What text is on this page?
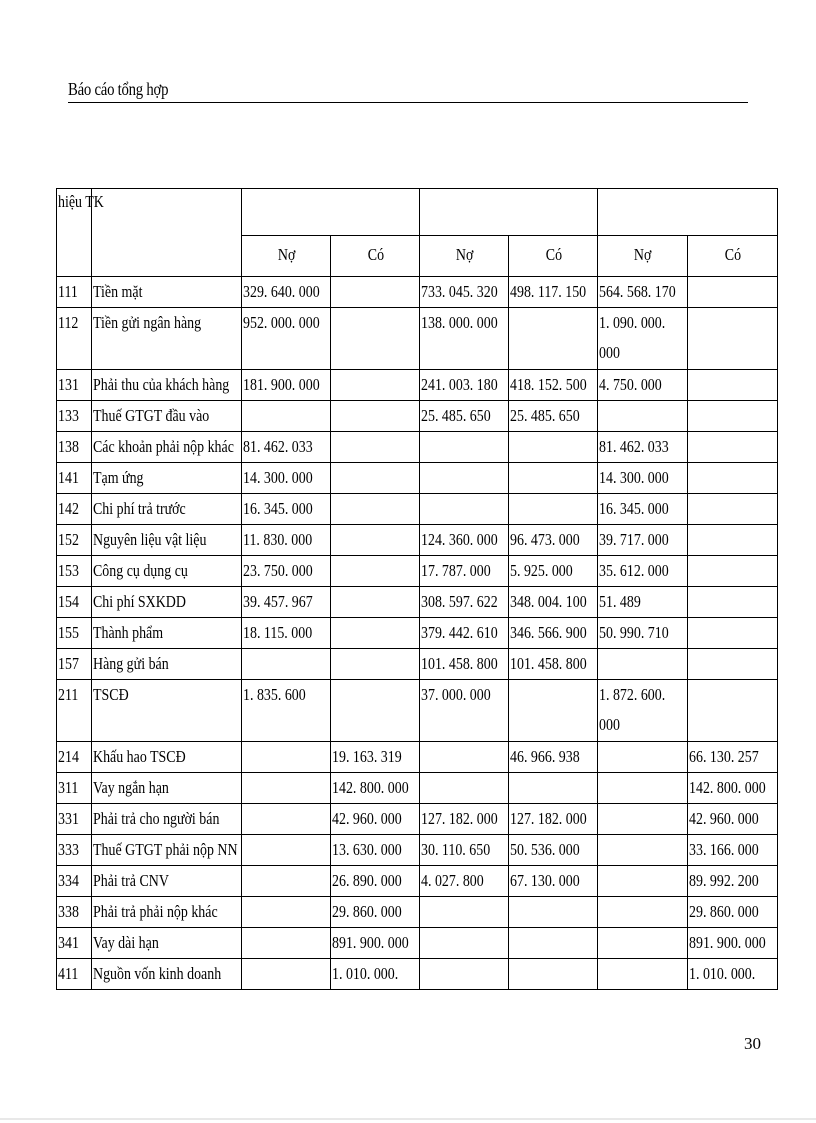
Báo cáo tổng hợp
hiệu TK							
		Nợ	Có	Nợ	Có	Nợ	Có
111	Tiền mặt	329. 640. 000		733. 045. 320	498. 117. 150	564. 568. 170	
112	Tiền gửi ngân hàng	952. 000. 000		138. 000. 000		1. 090. 000. 000	
131	Phải thu của khách hàng	181. 900. 000		241. 003. 180	418. 152. 500	4. 750. 000	
133	Thuế GTGT đầu vào			25. 485. 650	25. 485. 650		
138	Các khoản phải nộp khác	81. 462. 033				81. 462. 033	
141	Tạm ứng	14. 300. 000				14. 300. 000	
142	Chi phí trả trước	16. 345. 000				16. 345. 000	
152	Nguyên liệu vật liệu	11. 830. 000		124. 360. 000	96. 473. 000	39. 717. 000	
153	Công cụ dụng cụ	23. 750. 000		17. 787. 000	5. 925. 000	35. 612. 000	
154	Chi phí SXKDD	39. 457. 967		308. 597. 622	348. 004. 100	51. 489	
155	Thành phẩm	18. 115. 000		379. 442. 610	346. 566. 900	50. 990. 710	
157	Hàng gửi bán			101. 458. 800	101. 458. 800		
211	TSCĐ	1. 835. 600		37. 000. 000		1. 872. 600. 000	
214	Khấu hao TSCĐ		19. 163. 319		46. 966. 938		66. 130. 257
311	Vay ngắn hạn		142. 800. 000				142. 800. 000
331	Phải trả cho người bán		42. 960. 000	127. 182. 000	127. 182. 000		42. 960. 000
333	Thuế GTGT phải nộp NN		13. 630. 000	30. 110. 650	50. 536. 000		33. 166. 000
334	Phải trả CNV		26. 890. 000	4. 027. 800	67. 130. 000		89. 992. 200
338	Phải trả phải nộp khác		29. 860. 000				29. 860. 000
341	Vay dài hạn		891. 900. 000				891. 900. 000
411	Nguồn vốn kinh doanh		1. 010. 000.				1. 010. 000.
30
